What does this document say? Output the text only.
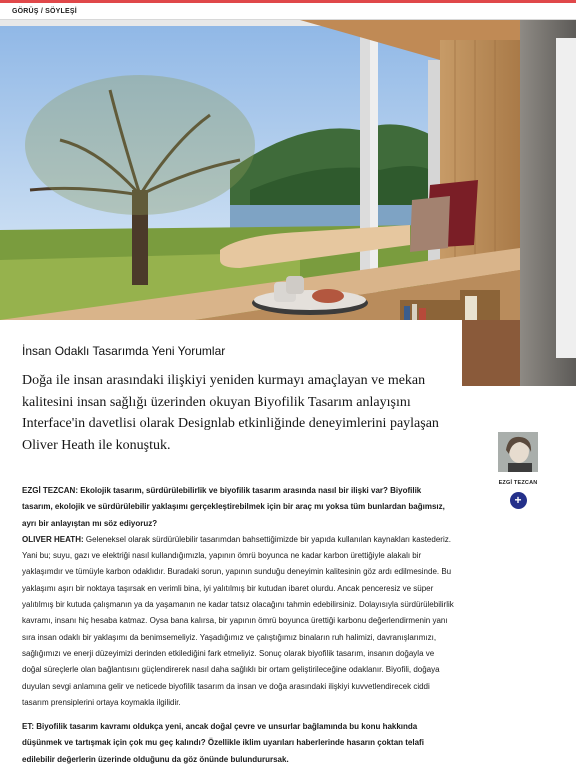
GÖRÜŞ / SÖYLEŞİ
İnsan Odaklı Tasarımda Yeni Yorumlar
Doğa ile insan arasındaki ilişkiyi yeniden kurmayı amaçlayan ve mekan kalitesini insan sağlığı üzerinden okuyan Biyofilik Tasarım anlayışını Interface'in davetlisi olarak Designlab etkinliğinde deneyimlerini paylaşan Oliver Heath ile konuştuk.
EZGİ TEZCAN
+

EZGİ TEZCAN: Ekolojik tasarım, sürdürülebilirlik ve biyofilik tasarım arasında nasıl bir ilişki var? Biyofilik tasarım, ekolojik ve sürdürülebilir yaklaşımı gerçekleştirebilmek için bir araç mı yoksa tüm bunlardan bağımsız, ayrı bir anlayıştan mı söz ediyoruz?

OLIVER HEATH: Geleneksel olarak sürdürülebilir tasarımdan bahsettiğimizde bir yapıda kullanılan kaynakları kastederiz. Yani bu; suyu, gazı ve elektriği nasıl kullandığımızla, yapının ömrü boyunca ne kadar karbon ürettiğiyle alakalı bir yaklaşımdır ve tümüyle karbon odaklıdır. Buradaki sorun, yapının sunduğu deneyimin kalitesinin göz ardı edilmesinde. Bu yaklaşımı aşırı bir noktaya taşırsak en verimli bina, iyi yalıtılmış bir kutudan ibaret olurdu. Ancak penceresiz ve süper yalıtılmış bir kutuda çalışmanın ya da yaşamanın ne kadar tatsız olacağını tahmin edebilirsiniz. Dolayısıyla sürdürülebilirlik kavramı, insanı hiç hesaba katmaz. Oysa bana kalırsa, bir yapının ömrü boyunca ürettiği karbonu değerlendirmenin yanı sıra insan odaklı bir yaklaşımı da benimsemeliyiz. Yaşadığımız ve çalıştığımız binaların ruh halimizi, davranışlarımızı, sağlığımızı ve enerji düzeyimizi derinden etkilediğini fark etmeliyiz. Sonuç olarak biyofilik tasarım, insanın doğayla ve doğal süreçlerle olan bağlantısını güçlendirerek nasıl daha sağlıklı bir ortam geliştirileceğine odaklanır. Biyofili, doğaya duyulan sevgi anlamına gelir ve neticede biyofilik tasarım da insan ve doğa arasındaki ilişkiyi kuvvetlendirecek ciddi tasarım prensiplerini ortaya koymakla ilgilidir.

ET: Biyofilik tasarım kavramı oldukça yeni, ancak doğal çevre ve unsurlar bağlamında bu konu hakkında düşünmek ve tartışmak için çok mu geç kalındı? Özellikle iklim uyarıları haberlerinde hasarın çoktan telafi edilebilir değerlerin üzerinde olduğunu da göz önünde bulundurursak.
